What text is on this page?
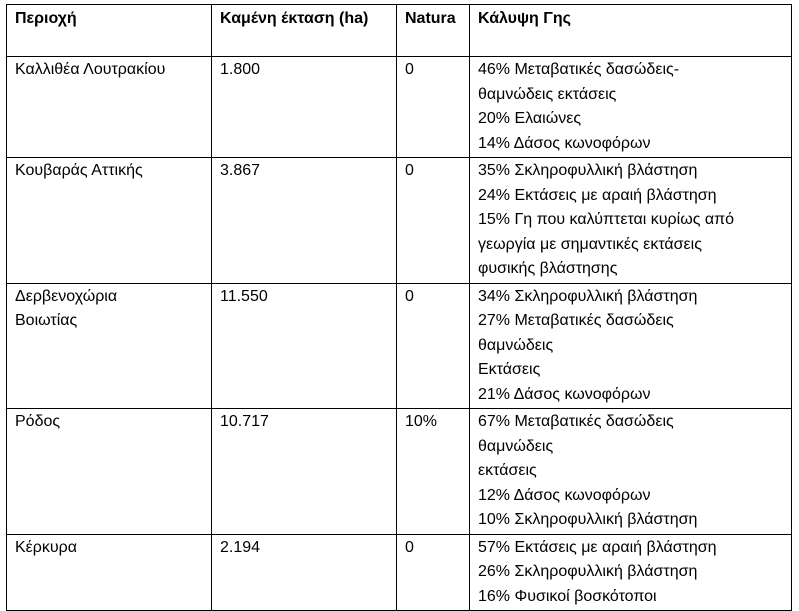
Περιοχή	Καμένη έκταση (ha)	Natura	Κάλυψη Γης

Καλλιθέα Λουτρακίου	1.800	0	46% Μεταβατικές δασώδεις-
θαμνώδεις εκτάσεις
20% Ελαιώνες
14% Δάσος κωνοφόρων

Κουβαράς Αττικής	3.867	0	35% Σκληροφυλλική βλάστηση
24% Εκτάσεις με αραιή βλάστηση
15% Γη που καλύπτεται κυρίως από
γεωργία με σημαντικές εκτάσεις
φυσικής βλάστησης

Δερβενοχώρια
Βοιωτίας	11.550	0	34% Σκληροφυλλική βλάστηση
27% Μεταβατικές δασώδεις
θαμνώδεις
Εκτάσεις
21% Δάσος κωνοφόρων

Ρόδος	10.717	10%	67% Μεταβατικές δασώδεις
θαμνώδεις
εκτάσεις
12% Δάσος κωνοφόρων
10% Σκληροφυλλική βλάστηση

Κέρκυρα	2.194	0	57% Εκτάσεις με αραιή βλάστηση
26% Σκληροφυλλική βλάστηση
16% Φυσικοί βοσκότοποι
